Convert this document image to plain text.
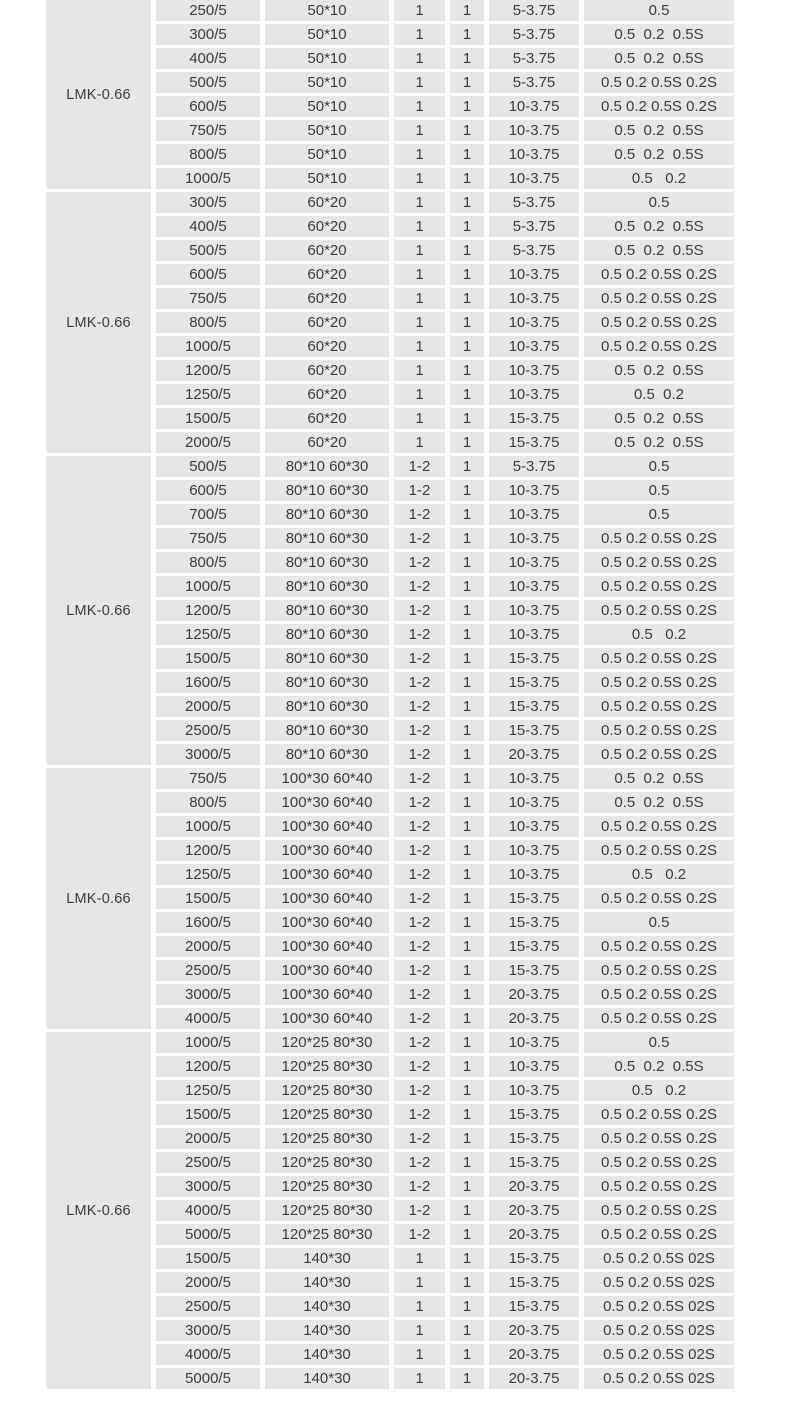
LMK-0.66
250/5	50*10	1	1	5-3.75	0.5
300/5	50*10	1	1	5-3.75	0.5  0.2  0.5S
400/5	50*10	1	1	5-3.75	0.5  0.2  0.5S
500/5	50*10	1	1	5-3.75	0.5 0.2 0.5S 0.2S
600/5	50*10	1	1	10-3.75	0.5 0.2 0.5S 0.2S
750/5	50*10	1	1	10-3.75	0.5  0.2  0.5S
800/5	50*10	1	1	10-3.75	0.5  0.2  0.5S
1000/5	50*10	1	1	10-3.75	0.5   0.2
LMK-0.66
300/5	60*20	1	1	5-3.75	0.5
400/5	60*20	1	1	5-3.75	0.5  0.2  0.5S
500/5	60*20	1	1	5-3.75	0.5  0.2  0.5S
600/5	60*20	1	1	10-3.75	0.5 0.2 0.5S 0.2S
750/5	60*20	1	1	10-3.75	0.5 0.2 0.5S 0.2S
800/5	60*20	1	1	10-3.75	0.5 0.2 0.5S 0.2S
1000/5	60*20	1	1	10-3.75	0.5 0.2 0.5S 0.2S
1200/5	60*20	1	1	10-3.75	0.5  0.2  0.5S
1250/5	60*20	1	1	10-3.75	0.5  0.2
1500/5	60*20	1	1	15-3.75	0.5  0.2  0.5S
2000/5	60*20	1	1	15-3.75	0.5  0.2  0.5S
LMK-0.66
500/5	80*10 60*30	1-2	1	5-3.75	0.5
600/5	80*10 60*30	1-2	1	10-3.75	0.5
700/5	80*10 60*30	1-2	1	10-3.75	0.5
750/5	80*10 60*30	1-2	1	10-3.75	0.5 0.2 0.5S 0.2S
800/5	80*10 60*30	1-2	1	10-3.75	0.5 0.2 0.5S 0.2S
1000/5	80*10 60*30	1-2	1	10-3.75	0.5 0.2 0.5S 0.2S
1200/5	80*10 60*30	1-2	1	10-3.75	0.5 0.2 0.5S 0.2S
1250/5	80*10 60*30	1-2	1	10-3.75	0.5   0.2
1500/5	80*10 60*30	1-2	1	15-3.75	0.5 0.2 0.5S 0.2S
1600/5	80*10 60*30	1-2	1	15-3.75	0.5 0.2 0.5S 0.2S
2000/5	80*10 60*30	1-2	1	15-3.75	0.5 0.2 0.5S 0.2S
2500/5	80*10 60*30	1-2	1	15-3.75	0.5 0.2 0.5S 0.2S
3000/5	80*10 60*30	1-2	1	20-3.75	0.5 0.2 0.5S 0.2S
LMK-0.66
750/5	100*30 60*40	1-2	1	10-3.75	0.5  0.2  0.5S
800/5	100*30 60*40	1-2	1	10-3.75	0.5  0.2  0.5S
1000/5	100*30 60*40	1-2	1	10-3.75	0.5 0.2 0.5S 0.2S
1200/5	100*30 60*40	1-2	1	10-3.75	0.5 0.2 0.5S 0.2S
1250/5	100*30 60*40	1-2	1	10-3.75	0.5   0.2
1500/5	100*30 60*40	1-2	1	15-3.75	0.5 0.2 0.5S 0.2S
1600/5	100*30 60*40	1-2	1	15-3.75	0.5
2000/5	100*30 60*40	1-2	1	15-3.75	0.5 0.2 0.5S 0.2S
2500/5	100*30 60*40	1-2	1	15-3.75	0.5 0.2 0.5S 0.2S
3000/5	100*30 60*40	1-2	1	20-3.75	0.5 0.2 0.5S 0.2S
4000/5	100*30 60*40	1-2	1	20-3.75	0.5 0.2 0.5S 0.2S
LMK-0.66
1000/5	120*25 80*30	1-2	1	10-3.75	0.5
1200/5	120*25 80*30	1-2	1	10-3.75	0.5  0.2  0.5S
1250/5	120*25 80*30	1-2	1	10-3.75	0.5   0.2
1500/5	120*25 80*30	1-2	1	15-3.75	0.5 0.2 0.5S 0.2S
2000/5	120*25 80*30	1-2	1	15-3.75	0.5 0.2 0.5S 0.2S
2500/5	120*25 80*30	1-2	1	15-3.75	0.5 0.2 0.5S 0.2S
3000/5	120*25 80*30	1-2	1	20-3.75	0.5 0.2 0.5S 0.2S
4000/5	120*25 80*30	1-2	1	20-3.75	0.5 0.2 0.5S 0.2S
5000/5	120*25 80*30	1-2	1	20-3.75	0.5 0.2 0.5S 0.2S
1500/5	140*30	1	1	15-3.75	0.5 0.2 0.5S 02S
2000/5	140*30	1	1	15-3.75	0.5 0.2 0.5S 02S
2500/5	140*30	1	1	15-3.75	0.5 0.2 0.5S 02S
3000/5	140*30	1	1	20-3.75	0.5 0.2 0.5S 02S
4000/5	140*30	1	1	20-3.75	0.5 0.2 0.5S 02S
5000/5	140*30	1	1	20-3.75	0.5 0.2 0.5S 02S
